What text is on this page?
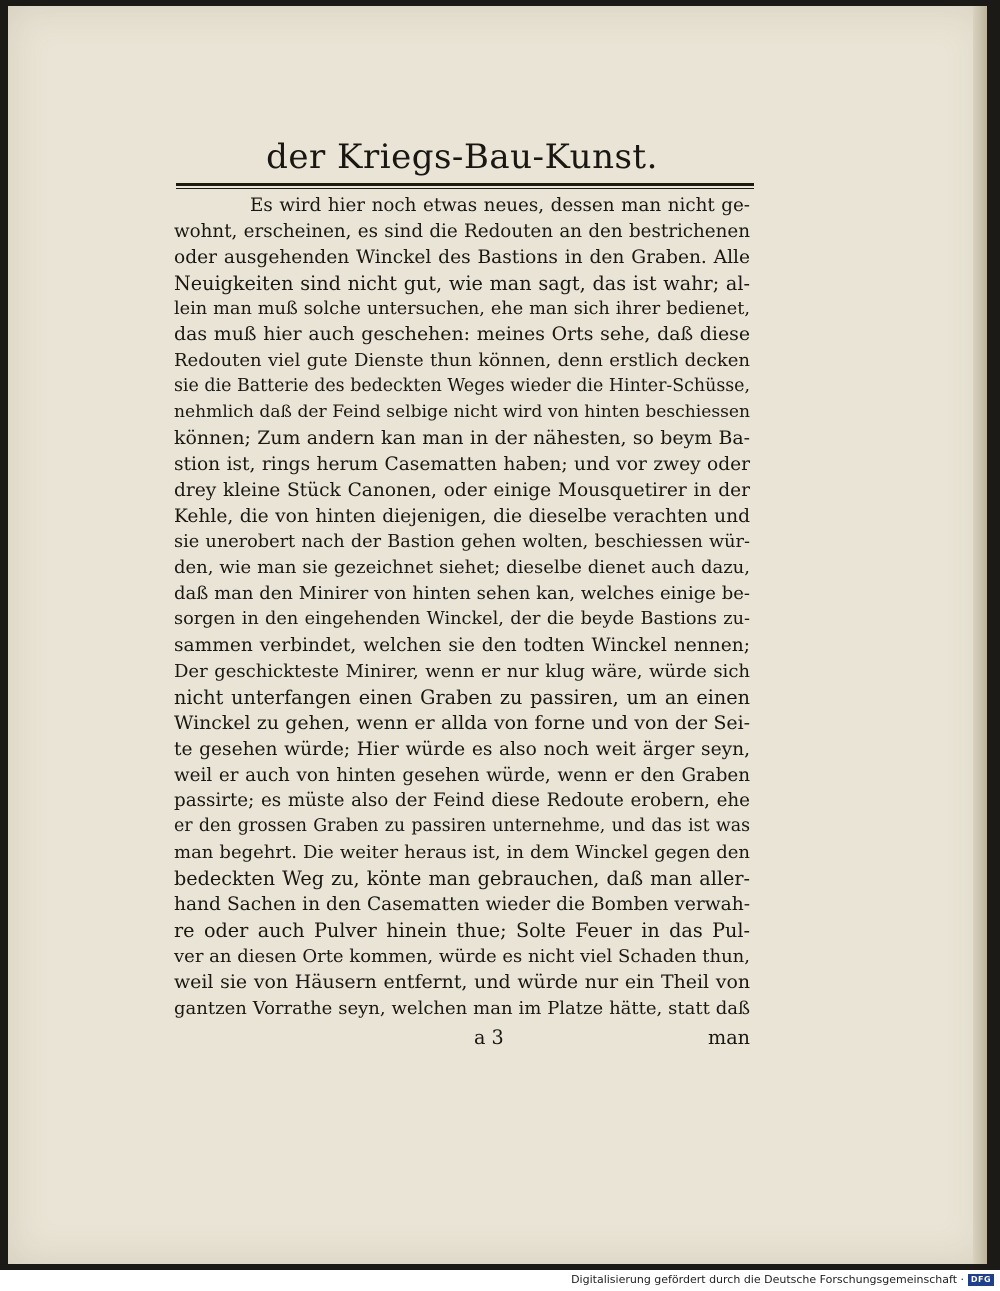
der Kriegs-Bau-Kunst.
Es wird hier noch etwas neues, dessen man nicht ge-
wohnt, erscheinen, es sind die Redouten an den bestrichenen
oder ausgehenden Winckel des Bastions in den Graben. Alle
Neuigkeiten sind nicht gut, wie man sagt, das ist wahr; al-
lein man muß solche untersuchen, ehe man sich ihrer bedienet,
das muß hier auch geschehen: meines Orts sehe, daß diese
Redouten viel gute Dienste thun können, denn erstlich decken
sie die Batterie des bedeckten Weges wieder die Hinter-Schüsse,
nehmlich daß der Feind selbige nicht wird von hinten beschiessen
können; Zum andern kan man in der nähesten, so beym Ba-
stion ist, rings herum Casematten haben; und vor zwey oder
drey kleine Stück Canonen, oder einige Mousquetirer in der
Kehle, die von hinten diejenigen, die dieselbe verachten und
sie unerobert nach der Bastion gehen wolten, beschiessen wür-
den, wie man sie gezeichnet siehet; dieselbe dienet auch dazu,
daß man den Minirer von hinten sehen kan, welches einige be-
sorgen in den eingehenden Winckel, der die beyde Bastions zu-
sammen verbindet, welchen sie den todten Winckel nennen;
Der geschickteste Minirer, wenn er nur klug wäre, würde sich
nicht unterfangen einen Graben zu passiren, um an einen
Winckel zu gehen, wenn er allda von forne und von der Sei-
te gesehen würde; Hier würde es also noch weit ärger seyn,
weil er auch von hinten gesehen würde, wenn er den Graben
passirte; es müste also der Feind diese Redoute erobern, ehe
er den grossen Graben zu passiren unternehme, und das ist was
man begehrt. Die weiter heraus ist, in dem Winckel gegen den
bedeckten Weg zu, könte man gebrauchen, daß man aller-
hand Sachen in den Casematten wieder die Bomben verwah-
re oder auch Pulver hinein thue; Solte Feuer in das Pul-
ver an diesen Orte kommen, würde es nicht viel Schaden thun,
weil sie von Häusern entfernt, und würde nur ein Theil von
gantzen Vorrathe seyn, welchen man im Platze hätte, statt daß
a 3	man
Digitalisierung gefördert durch die Deutsche Forschungsgemeinschaft · DFG
